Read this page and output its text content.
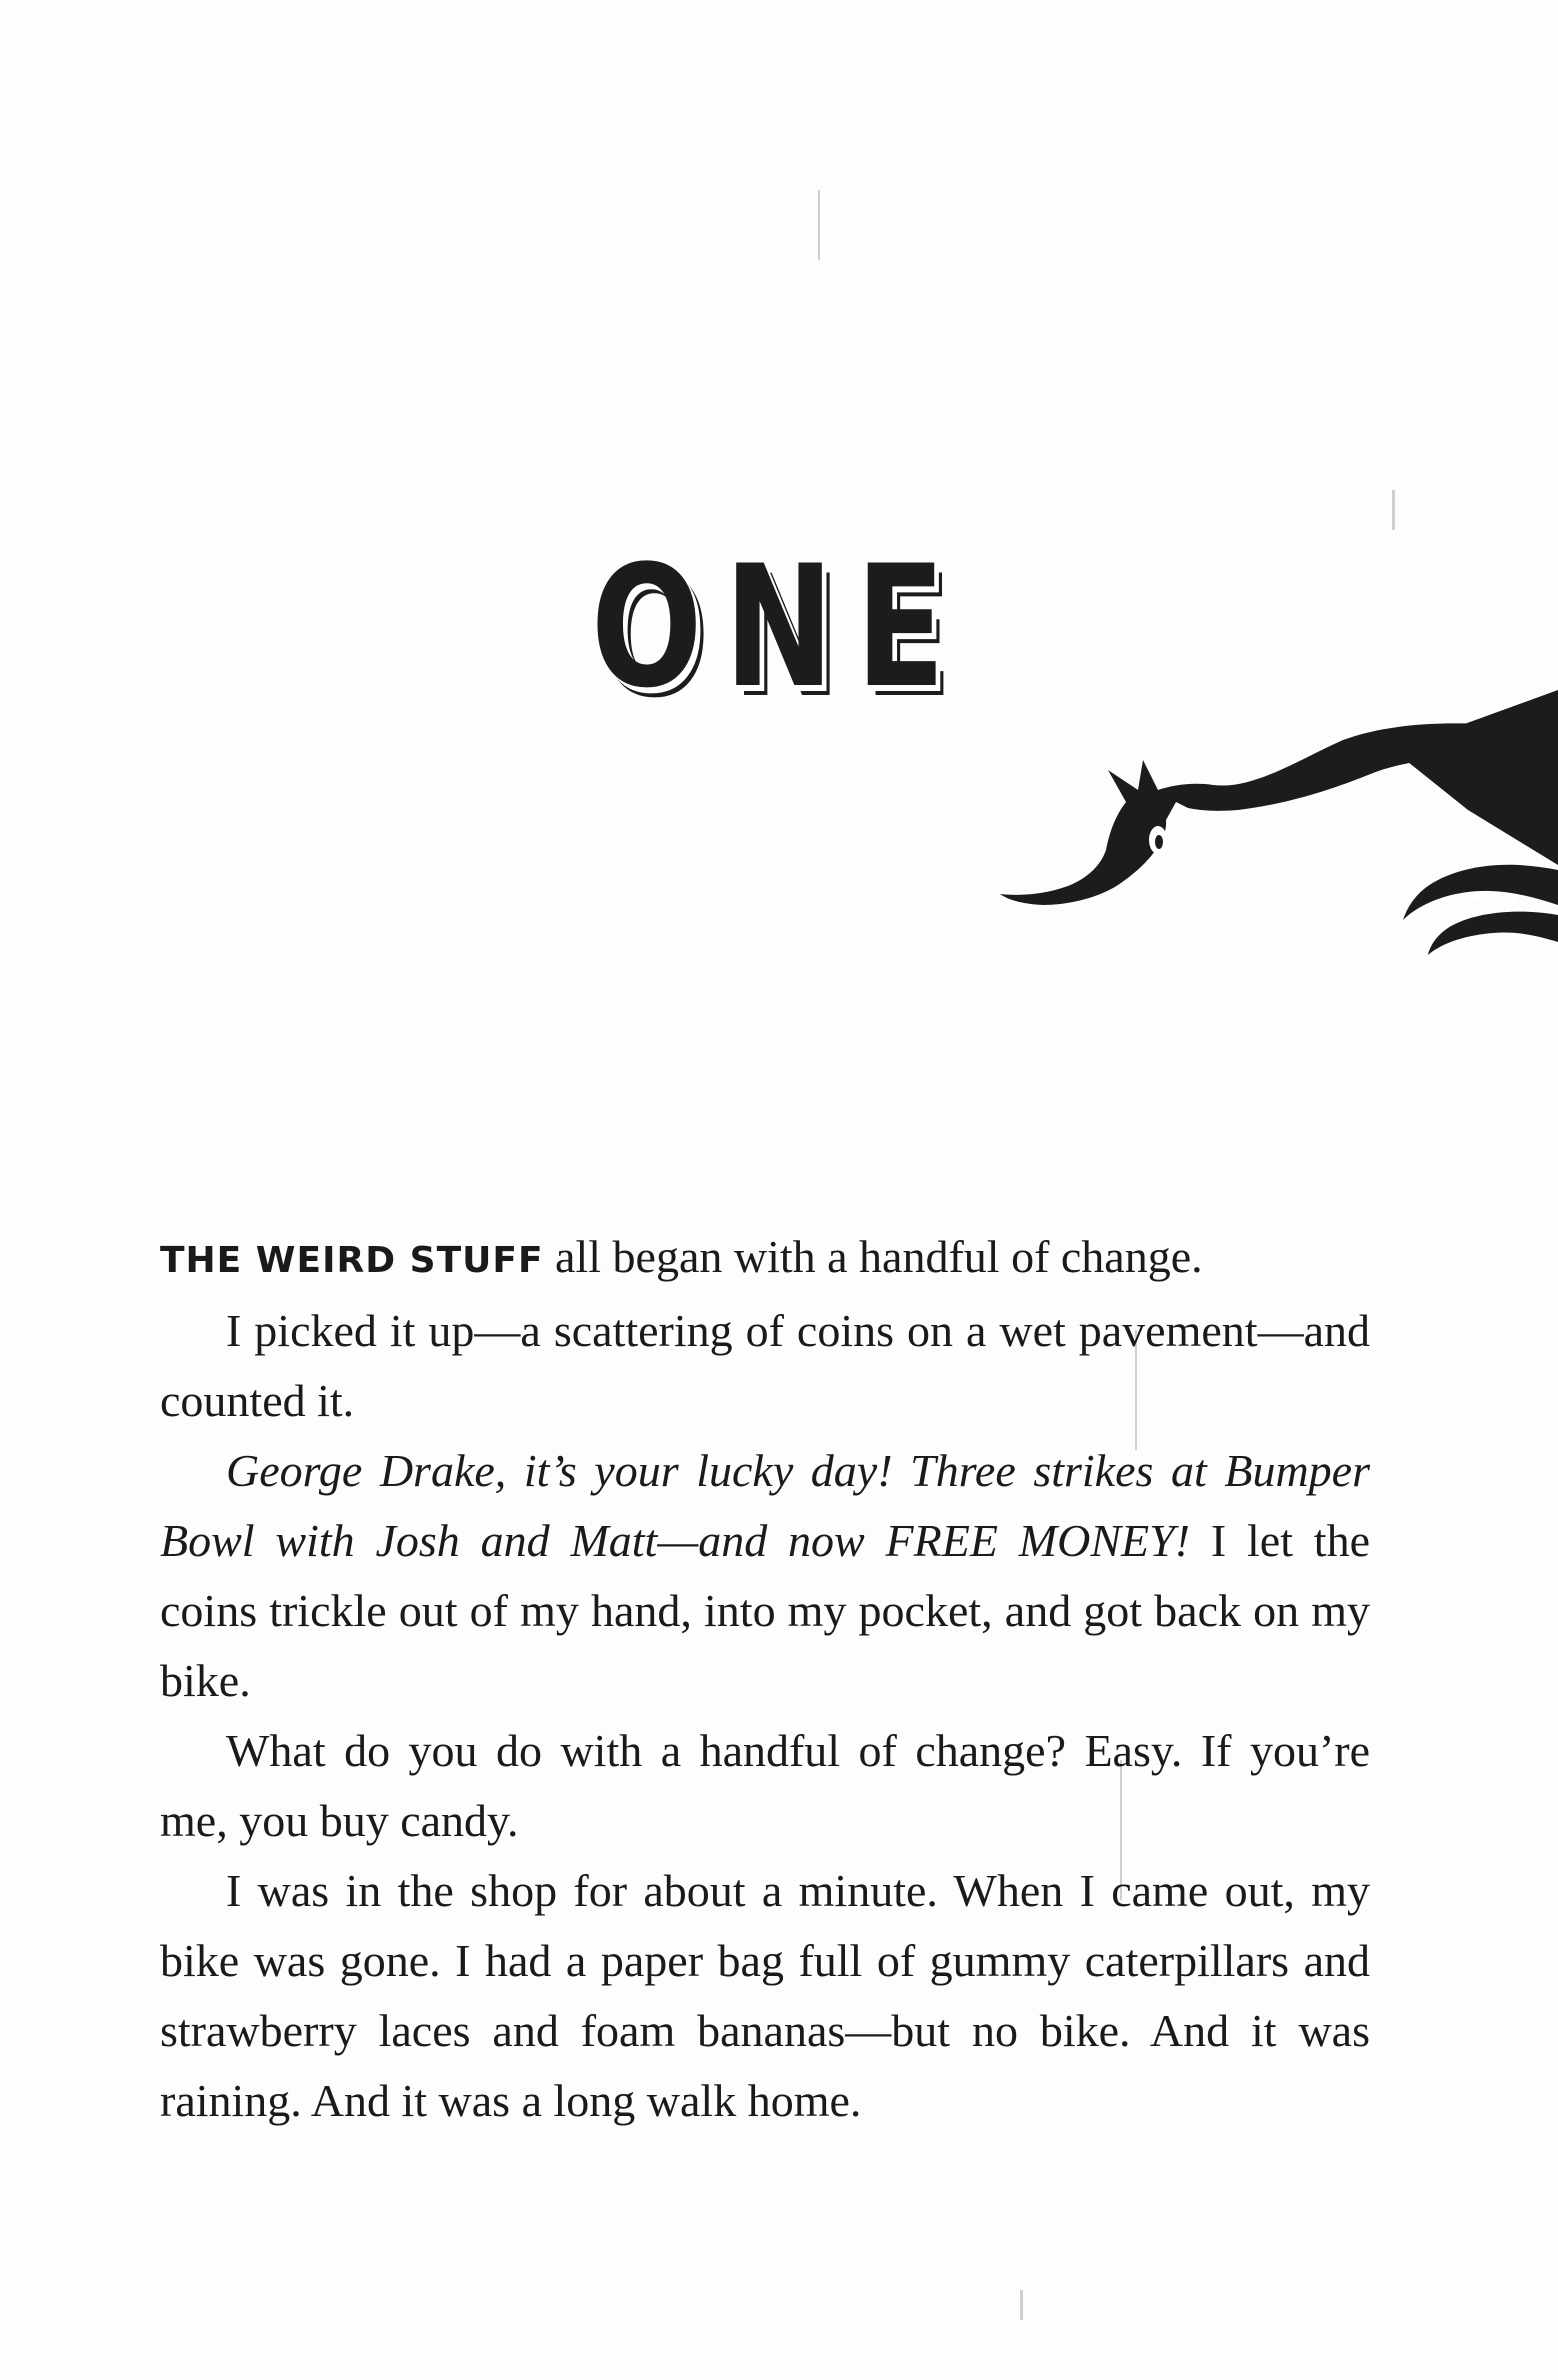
ONE

THE WEIRD STUFF all began with a handful of change.

I picked it up—a scattering of coins on a wet pavement—and counted it.

George Drake, it’s your lucky day! Three strikes at Bumper Bowl with Josh and Matt—and now FREE MONEY! I let the coins trickle out of my hand, into my pocket, and got back on my bike.

What do you do with a handful of change? Easy. If you’re me, you buy candy.

I was in the shop for about a minute. When I came out, my bike was gone. I had a paper bag full of gummy caterpillars and strawberry laces and foam bananas—but no bike. And it was raining. And it was a long walk home.
